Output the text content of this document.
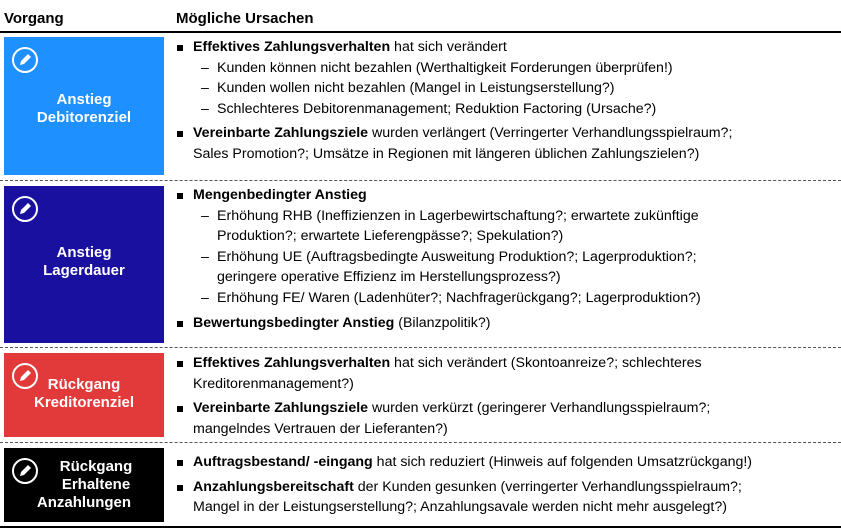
Vorgang	Mögliche Ursachen
Anstieg
Debitorenziel

Effektives Zahlungsverhalten hat sich verändert

– Kunden können nicht bezahlen (Werthaltigkeit Forderungen überprüfen!)

– Kunden wollen nicht bezahlen (Mangel in Leistungserstellung?)

– Schlechteres Debitorenmanagement; Reduktion Factoring (Ursache?)

Vereinbarte Zahlungsziele wurden verlängert (Verringerter Verhandlungsspielraum?;

Sales Promotion?; Umsätze in Regionen mit längeren üblichen Zahlungszielen?)

Anstieg
Lagerdauer

Mengenbedingter Anstieg

– Erhöhung RHB (Ineffizienzen in Lagerbewirtschaftung?; erwartete zukünftige

Produktion?; erwartete Lieferengpässe?; Spekulation?)

– Erhöhung UE (Auftragsbedingte Ausweitung Produktion?; Lagerproduktion?;

geringere operative Effizienz im Herstellungsprozess?)

– Erhöhung FE/ Waren (Ladenhüter?; Nachfragerückgang?; Lagerproduktion?)

Bewertungsbedingter Anstieg (Bilanzpolitik?)

Rückgang
Kreditorenziel

Effektives Zahlungsverhalten hat sich verändert (Skontoanreize?; schlechteres

Kreditorenmanagement?)

Vereinbarte Zahlungsziele wurden verkürzt (geringerer Verhandlungsspielraum?;

mangelndes Vertrauen der Lieferanten?)

Rückgang
Erhaltene
Anzahlungen

Auftragsbestand/ -eingang hat sich reduziert (Hinweis auf folgenden Umsatzrückgang!)

Anzahlungsbereitschaft der Kunden gesunken (verringerter Verhandlungsspielraum?;

Mangel in der Leistungserstellung?; Anzahlungsavale werden nicht mehr ausgelegt?)
